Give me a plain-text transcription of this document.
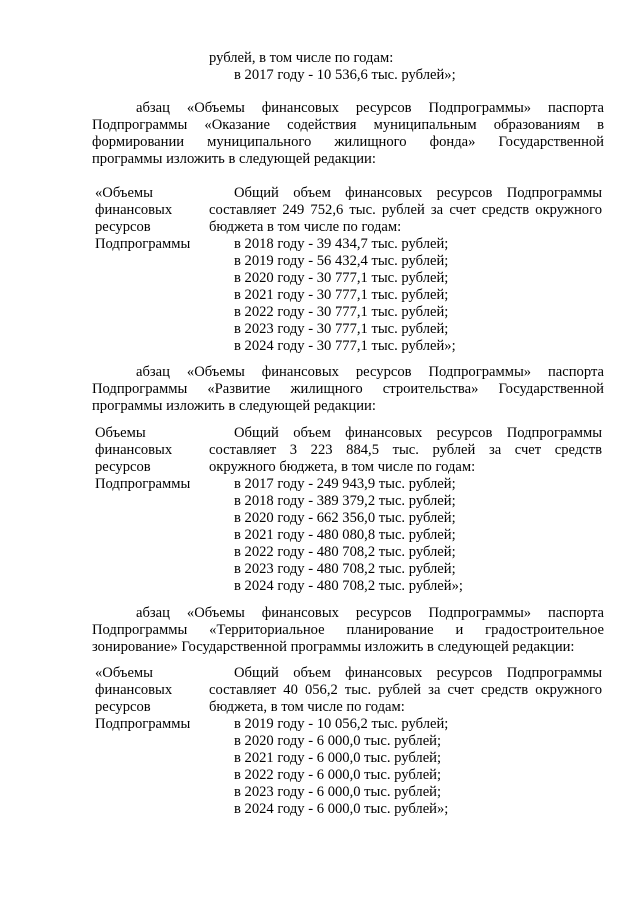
рублей, в том числе по годам:
в 2017 году - 10 536,6 тыс. рублей»;
абзац «Объемы финансовых ресурсов Подпрограммы» паспорта
Подпрограммы «Оказание содействия муниципальным образованиям в
формировании муниципального жилищного фонда» Государственной
программы изложить в следующей редакции:
«Объемы
финансовых
ресурсов
Подпрограммы
Общий объем финансовых ресурсов Подпрограммы
составляет 249 752,6 тыс. рублей за счет средств окружного
бюджета в том числе по годам:
в 2018 году - 39 434,7 тыс. рублей;
в 2019 году - 56 432,4 тыс. рублей;
в 2020 году - 30 777,1 тыс. рублей;
в 2021 году - 30 777,1 тыс. рублей;
в 2022 году - 30 777,1 тыс. рублей;
в 2023 году - 30 777,1 тыс. рублей;
в 2024 году - 30 777,1 тыс. рублей»;
абзац «Объемы финансовых ресурсов Подпрограммы» паспорта
Подпрограммы «Развитие жилищного строительства» Государственной
программы изложить в следующей редакции:
Объемы
финансовых
ресурсов
Подпрограммы
Общий объем финансовых ресурсов Подпрограммы
составляет 3 223 884,5 тыс. рублей за счет средств
окружного бюджета, в том числе по годам:
в 2017 году - 249 943,9 тыс. рублей;
в 2018 году - 389 379,2 тыс. рублей;
в 2020 году - 662 356,0 тыс. рублей;
в 2021 году - 480 080,8 тыс. рублей;
в 2022 году - 480 708,2 тыс. рублей;
в 2023 году - 480 708,2 тыс. рублей;
в 2024 году - 480 708,2 тыс. рублей»;
абзац «Объемы финансовых ресурсов Подпрограммы» паспорта
Подпрограммы «Территориальное планирование и градостроительное
зонирование» Государственной программы изложить в следующей редакции:
«Объемы
финансовых
ресурсов
Подпрограммы
Общий объем финансовых ресурсов Подпрограммы
составляет 40 056,2 тыс. рублей за счет средств окружного
бюджета, в том числе по годам:
в 2019 году - 10 056,2 тыс. рублей;
в 2020 году - 6 000,0 тыс. рублей;
в 2021 году - 6 000,0 тыс. рублей;
в 2022 году - 6 000,0 тыс. рублей;
в 2023 году - 6 000,0 тыс. рублей;
в 2024 году - 6 000,0 тыс. рублей»;
